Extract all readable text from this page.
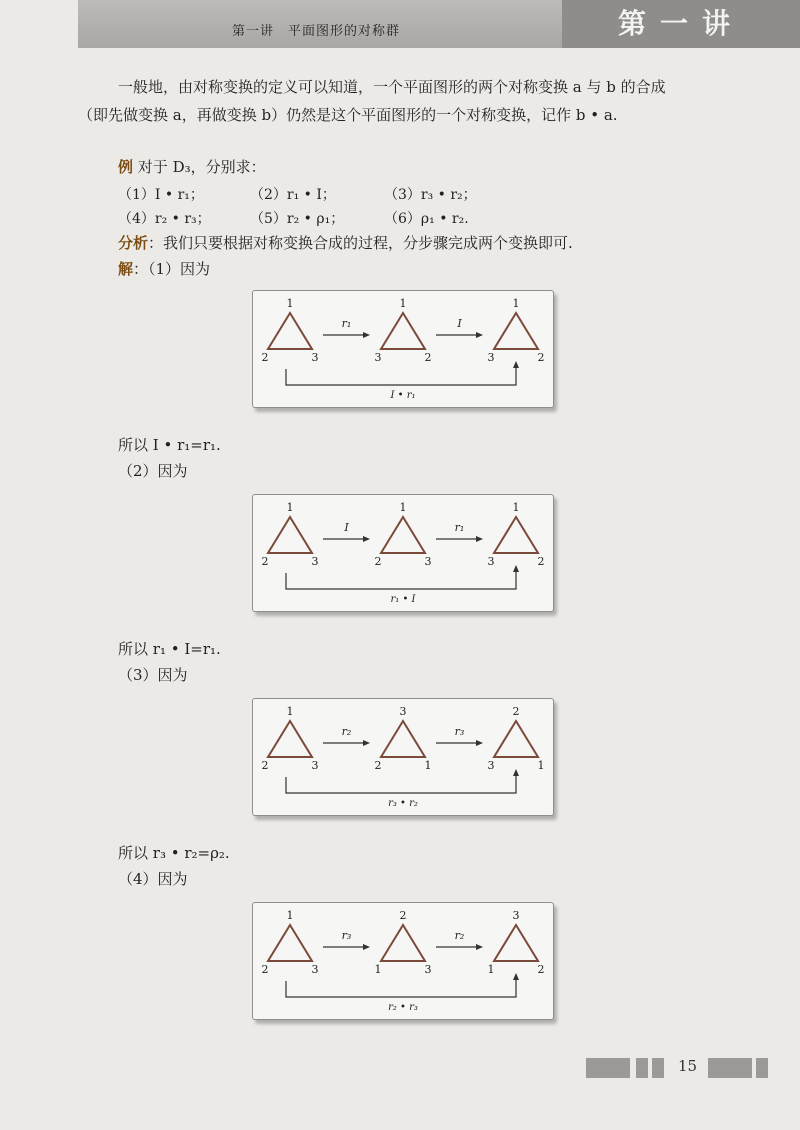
第一讲
第一讲　平面图形的对称群
一般地，由对称变换的定义可以知道，一个平面图形的两个对称变换 a 与 b 的合成
（即先做变换 a，再做变换 b）仍然是这个平面图形的一个对称变换，记作 b • a.
例 对于 D₃，分别求：
（1）I • r₁；	（2）r₁ • I；	（3）r₃ • r₂；
（4）r₂ • r₃；	（5）r₂ • ρ₁；	（6）ρ₁ • r₂.
分析：我们只要根据对称变换合成的过程，分步骤完成两个变换即可.
解：（1）因为
1
2	3
1
3	2
1
3	2
r₁	I
I • r₁
所以 I • r₁=r₁.
（2）因为
1
2	3
1
2	3
1
3	2
I	r₁
r₁ • I
所以 r₁ • I=r₁.
（3）因为
1
2	3
3
2	1
2
3	1
r₂	r₃
r₃ • r₂
所以 r₃ • r₂=ρ₂.
（4）因为
1
2	3
2
1	3
3
1	2
r₃	r₂
r₂ • r₃
15
